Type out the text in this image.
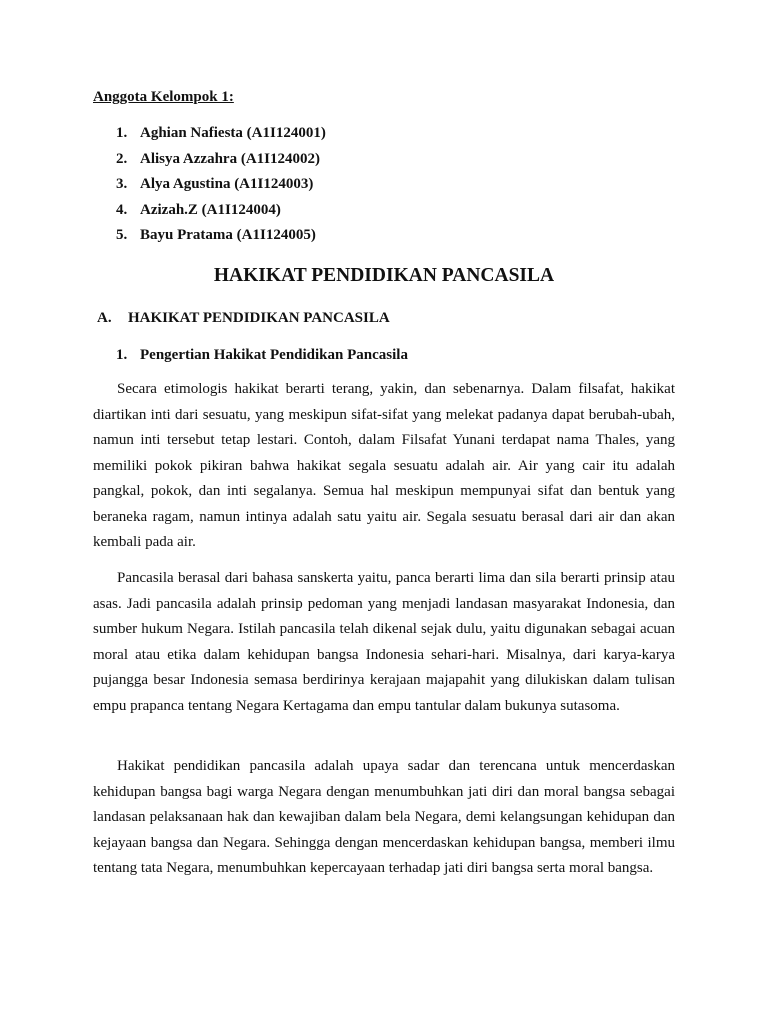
Anggota Kelompok 1:
1. Aghian Nafiesta (A1I124001)
2. Alisya Azzahra (A1I124002)
3. Alya Agustina (A1I124003)
4. Azizah.Z (A1I124004)
5. Bayu Pratama (A1I124005)
HAKIKAT PENDIDIKAN PANCASILA
A. HAKIKAT PENDIDIKAN PANCASILA
1. Pengertian Hakikat Pendidikan Pancasila

Secara etimologis hakikat berarti terang, yakin, dan sebenarnya. Dalam filsafat, hakikat diartikan inti dari sesuatu, yang meskipun sifat-sifat yang melekat padanya dapat berubah-ubah, namun inti tersebut tetap lestari. Contoh, dalam Filsafat Yunani terdapat nama Thales, yang memiliki pokok pikiran bahwa hakikat segala sesuatu adalah air. Air yang cair itu adalah pangkal, pokok, dan inti segalanya. Semua hal meskipun mempunyai sifat dan bentuk yang beraneka ragam, namun intinya adalah satu yaitu air. Segala sesuatu berasal dari air dan akan kembali pada air.

Pancasila berasal dari bahasa sanskerta yaitu, panca berarti lima dan sila berarti prinsip atau asas. Jadi pancasila adalah prinsip pedoman yang menjadi landasan masyarakat Indonesia, dan sumber hukum Negara. Istilah pancasila telah dikenal sejak dulu, yaitu digunakan sebagai acuan moral atau etika dalam kehidupan bangsa Indonesia sehari-hari. Misalnya, dari karya-karya pujangga besar Indonesia semasa berdirinya kerajaan majapahit yang dilukiskan dalam tulisan empu prapanca tentang Negara Kertagama dan empu tantular dalam bukunya sutasoma.

Hakikat pendidikan pancasila adalah upaya sadar dan terencana untuk mencerdaskan kehidupan bangsa bagi warga Negara dengan menumbuhkan jati diri dan moral bangsa sebagai landasan pelaksanaan hak dan kewajiban dalam bela Negara, demi kelangsungan kehidupan dan kejayaan bangsa dan Negara. Sehingga dengan mencerdaskan kehidupan bangsa, memberi ilmu tentang tata Negara, menumbuhkan kepercayaan terhadap jati diri bangsa serta moral bangsa.
